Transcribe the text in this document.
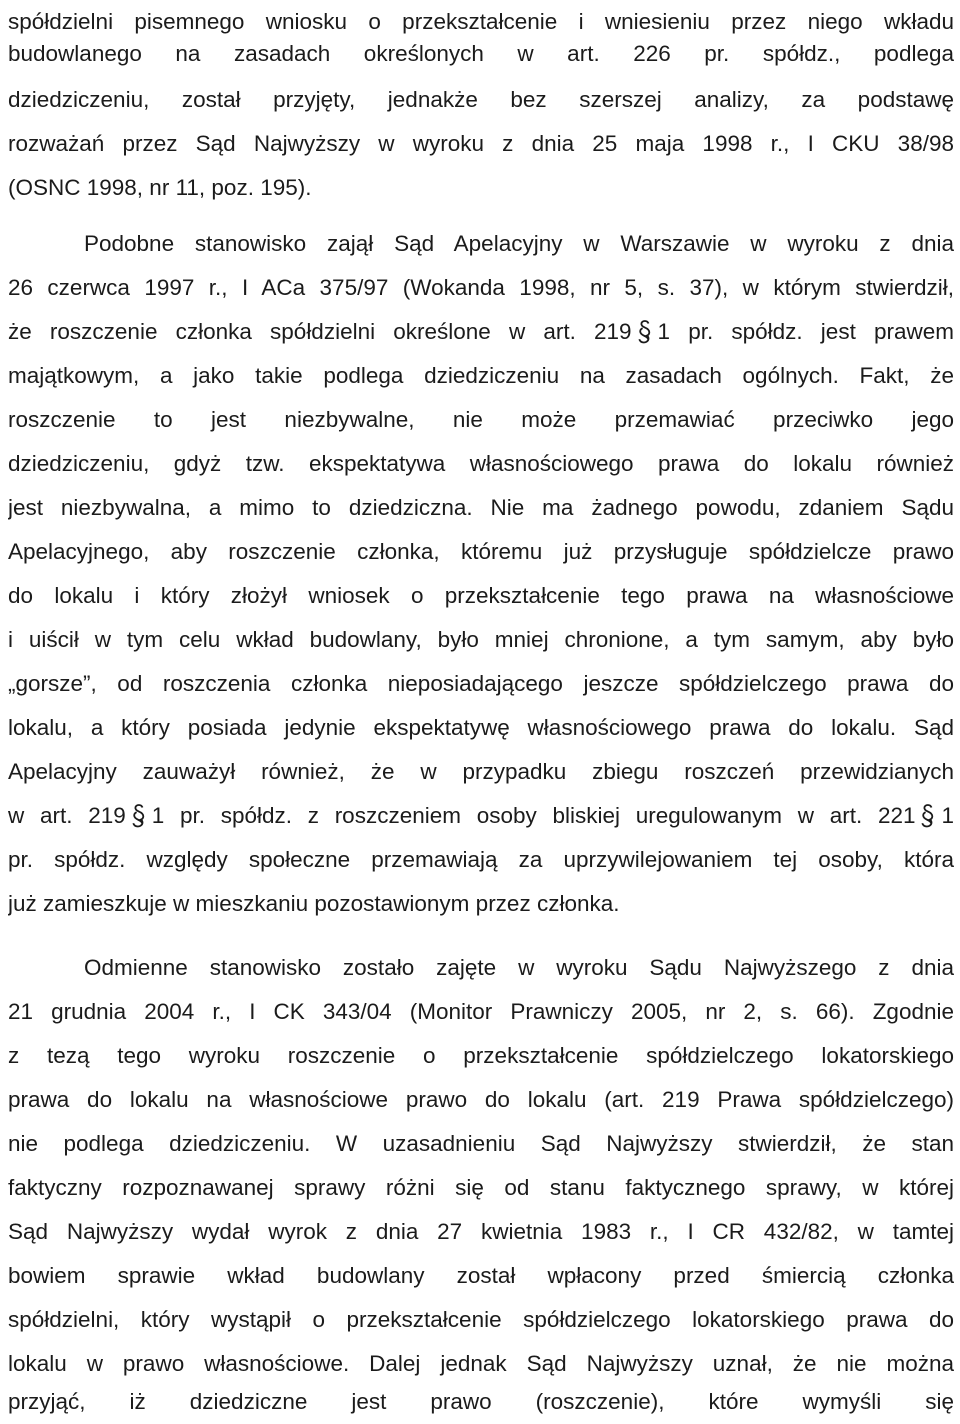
spółdzielni pisemnego wniosku o przekształcenie i wniesieniu przez niego wkładu
budowlanego na zasadach określonych w art. 226 pr. spółdz., podlega
dziedziczeniu, został przyjęty, jednakże bez szerszej analizy, za podstawę
rozważań przez Sąd Najwyższy w wyroku z dnia 25 maja 1998 r., I CKU 38/98
(OSNC 1998, nr 11, poz. 195).
Podobne stanowisko zajął Sąd Apelacyjny w Warszawie w wyroku z dnia
26 czerwca 1997 r., I ACa 375/97 (Wokanda 1998, nr 5, s. 37), w którym stwierdził,
że roszczenie członka spółdzielni określone w art. 219 1 pr. spółdz. jest prawem
majątkowym, a jako takie podlega dziedziczeniu na zasadach ogólnych. Fakt, że
roszczenie to jest niezbywalne, nie może przemawiać przeciwko jego
dziedziczeniu, gdyż tzw. ekspektatywa własnościowego prawa do lokalu również
jest niezbywalna, a mimo to dziedziczna. Nie ma żadnego powodu, zdaniem Sądu
Apelacyjnego, aby roszczenie członka, któremu już przysługuje spółdzielcze prawo
do lokalu i który złożył wniosek o przekształcenie tego prawa na własnościowe
i uiścił w tym celu wkład budowlany, było mniej chronione, a tym samym, aby było
„gorsze”, od roszczenia członka nieposiadającego jeszcze spółdzielczego prawa do
lokalu, a który posiada jedynie ekspektatywę własnościowego prawa do lokalu. Sąd
Apelacyjny zauważył również, że w przypadku zbiegu roszczeń przewidzianych
w art. 219 1 pr. spółdz. z roszczeniem osoby bliskiej uregulowanym w art. 221 1
pr. spółdz. względy społeczne przemawiają za uprzywilejowaniem tej osoby, która
już zamieszkuje w mieszkaniu pozostawionym przez członka.
Odmienne stanowisko zostało zajęte w wyroku Sądu Najwyższego z dnia
21 grudnia 2004 r., I CK 343/04 (Monitor Prawniczy 2005, nr 2, s. 66). Zgodnie
z tezą tego wyroku roszczenie o przekształcenie spółdzielczego lokatorskiego
prawa do lokalu na własnościowe prawo do lokalu (art. 219 Prawa spółdzielczego)
nie podlega dziedziczeniu. W uzasadnieniu Sąd Najwyższy stwierdził, że stan
faktyczny rozpoznawanej sprawy różni się od stanu faktycznego sprawy, w której
Sąd Najwyższy wydał wyrok z dnia 27 kwietnia 1983 r., I CR 432/82, w tamtej
bowiem sprawie wkład budowlany został wpłacony przed śmiercią członka
spółdzielni, który wystąpił o przekształcenie spółdzielczego lokatorskiego prawa do
lokalu w prawo własnościowe. Dalej jednak Sąd Najwyższy uznał, że nie można
przyjąć, iż dziedziczne jest prawo (roszczenie), które wymyśli się
